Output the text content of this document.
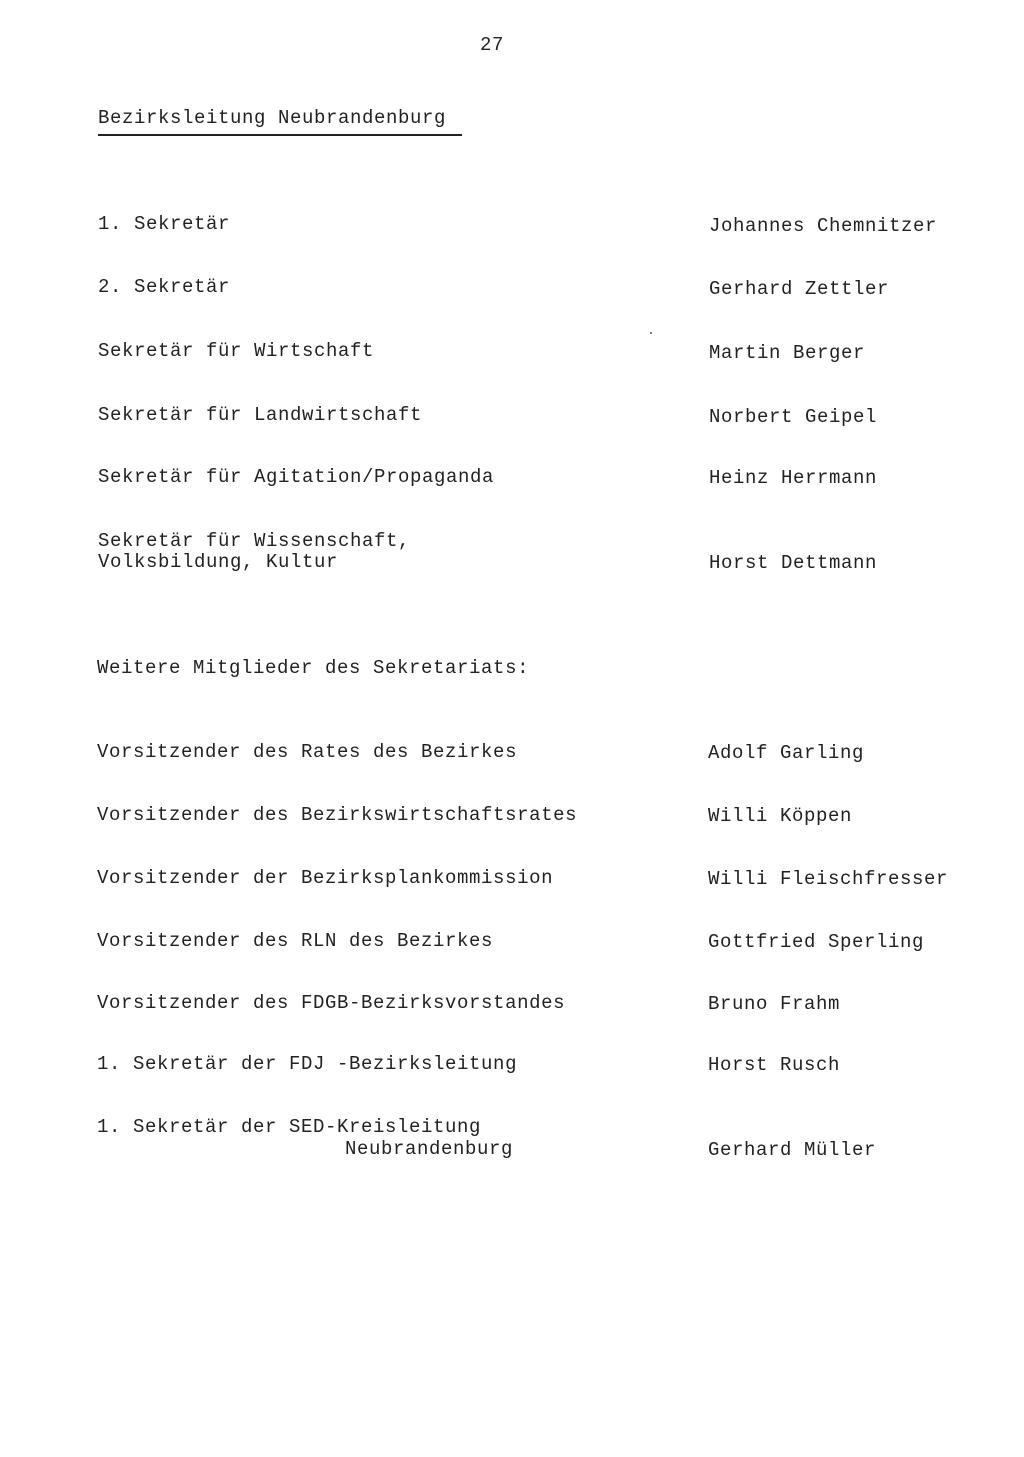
27
Bezirksleitung Neubrandenburg
1. Sekretär	Johannes Chemnitzer
2. Sekretär	Gerhard Zettler
Sekretär für Wirtschaft	Martin Berger
Sekretär für Landwirtschaft	Norbert Geipel
Sekretär für Agitation/Propaganda	Heinz Herrmann
Sekretär für Wissenschaft,
Volksbildung, Kultur	Horst Dettmann
Weitere Mitglieder des Sekretariats:
Vorsitzender des Rates des Bezirkes	Adolf Garling
Vorsitzender des Bezirkswirtschaftsrates	Willi Köppen
Vorsitzender der Bezirksplankommission	Willi Fleischfresser
Vorsitzender des RLN des Bezirkes	Gottfried Sperling
Vorsitzender des FDGB-Bezirksvorstandes	Bruno Frahm
1. Sekretär der FDJ -Bezirksleitung	Horst Rusch
1. Sekretär der SED-Kreisleitung
Neubrandenburg	Gerhard Müller
